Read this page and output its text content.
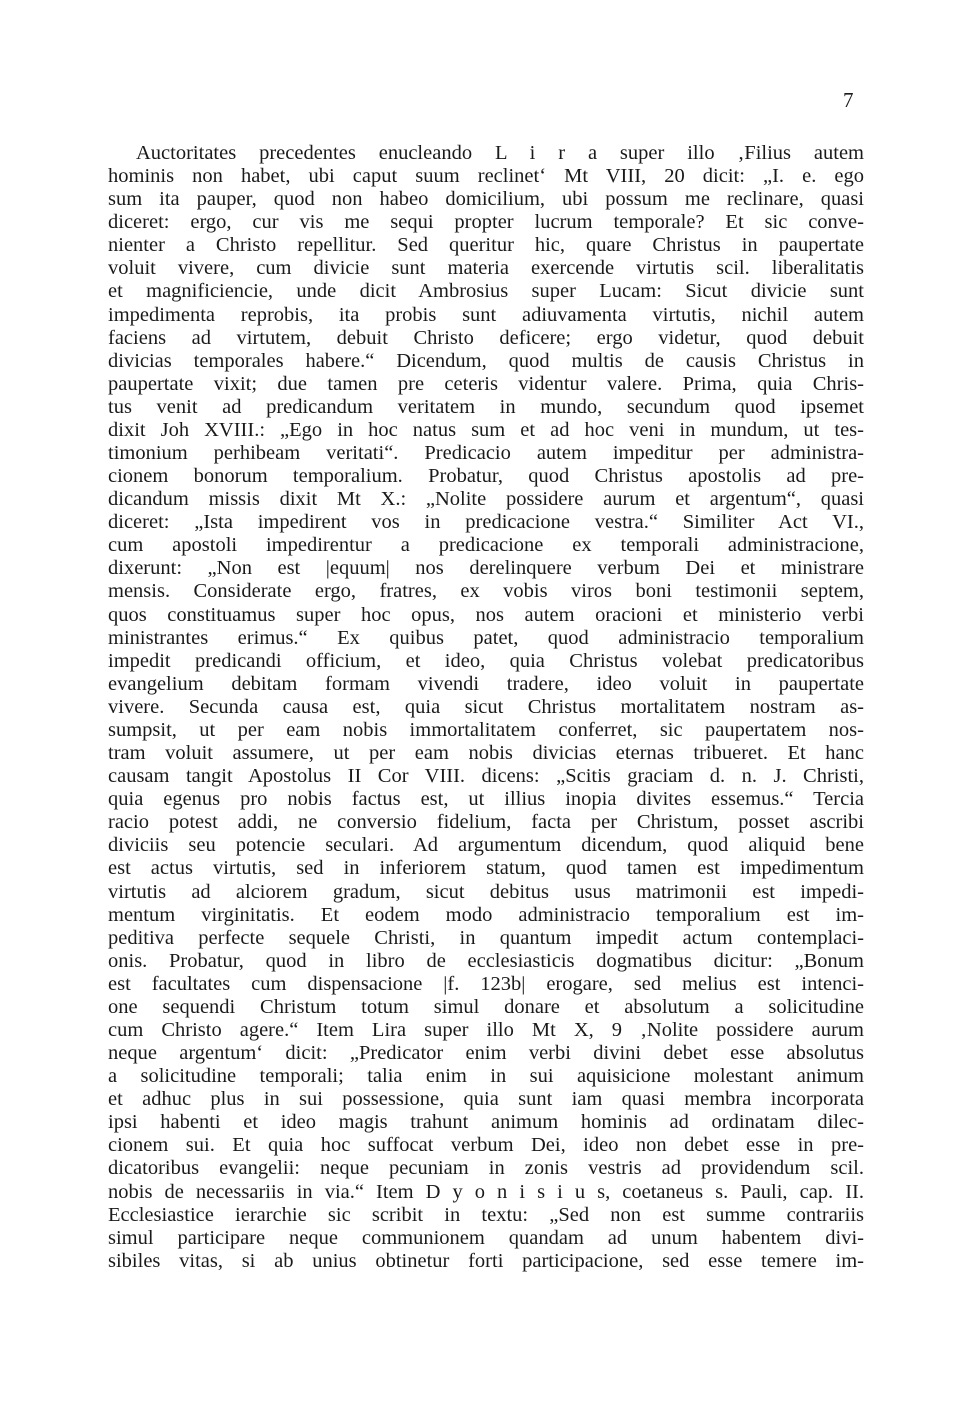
7
Auctoritates precedentes enucleando L i r a super illo ‚Filius autem
hominis non habet, ubi caput suum reclinet‘ Mt VIII, 20 dicit: „I. e. ego
sum ita pauper, quod non habeo domicilium, ubi possum me reclinare, quasi
diceret: ergo, cur vis me sequi propter lucrum temporale? Et sic conve-
nienter a Christo repellitur. Sed queritur hic, quare Christus in paupertate
voluit vivere, cum divicie sunt materia exercende virtutis scil. liberalitatis
et magnificiencie, unde dicit Ambrosius super Lucam: Sicut divicie sunt
impedimenta reprobis, ita probis sunt adiuvamenta virtutis, nichil autem
faciens ad virtutem, debuit Christo deficere; ergo videtur, quod debuit
divicias temporales habere.“ Dicendum, quod multis de causis Christus in
paupertate vixit; due tamen pre ceteris videntur valere. Prima, quia Chris-
tus venit ad predicandum veritatem in mundo, secundum quod ipsemet
dixit Joh XVIII.: „Ego in hoc natus sum et ad hoc veni in mundum, ut tes-
timonium perhibeam veritati“. Predicacio autem impeditur per administra-
cionem bonorum temporalium. Probatur, quod Christus apostolis ad pre-
dicandum missis dixit Mt X.: „Nolite possidere aurum et argentum“, quasi
diceret: „Ista impedirent vos in predicacione vestra.“ Similiter Act VI.,
cum apostoli impedirentur a predicacione ex temporali administracione,
dixerunt: „Non est |equum| nos derelinquere verbum Dei et ministrare
mensis. Considerate ergo, fratres, ex vobis viros boni testimonii septem,
quos constituamus super hoc opus, nos autem oracioni et ministerio verbi
ministrantes erimus.“ Ex quibus patet, quod administracio temporalium
impedit predicandi officium, et ideo, quia Christus volebat predicatoribus
evangelium debitam formam vivendi tradere, ideo voluit in paupertate
vivere. Secunda causa est, quia sicut Christus mortalitatem nostram as-
sumpsit, ut per eam nobis immortalitatem conferret, sic paupertatem nos-
tram voluit assumere, ut per eam nobis divicias eternas tribueret. Et hanc
causam tangit Apostolus II Cor VIII. dicens: „Scitis graciam d. n. J. Christi,
quia egenus pro nobis factus est, ut illius inopia divites essemus.“ Tercia
racio potest addi, ne conversio fidelium, facta per Christum, posset ascribi
diviciis seu potencie seculari. Ad argumentum dicendum, quod aliquid bene
est actus virtutis, sed in inferiorem statum, quod tamen est impedimentum
virtutis ad alciorem gradum, sicut debitus usus matrimonii est impedi-
mentum virginitatis. Et eodem modo administracio temporalium est im-
peditiva perfecte sequele Christi, in quantum impedit actum contemplaci-
onis. Probatur, quod in libro de ecclesiasticis dogmatibus dicitur: „Bonum
est facultates cum dispensacione |f. 123b| erogare, sed melius est intenci-
one sequendi Christum totum simul donare et absolutum a solicitudine
cum Christo agere.“ Item Lira super illo Mt X, 9 ‚Nolite possidere aurum
neque argentum‘ dicit: „Predicator enim verbi divini debet esse absolutus
a solicitudine temporali; talia enim in sui aquisicione molestant animum
et adhuc plus in sui possessione, quia sunt iam quasi membra incorporata
ipsi habenti et ideo magis trahunt animum hominis ad ordinatam dilec-
cionem sui. Et quia hoc suffocat verbum Dei, ideo non debet esse in pre-
dicatoribus evangelii: neque pecuniam in zonis vestris ad providendum scil.
nobis de necessariis in via.“ Item D y o n i s i u s, coetaneus s. Pauli, cap. II.
Ecclesiastice ierarchie sic scribit in textu: „Sed non est summe contrariis
simul participare neque communionem quandam ad unum habentem divi-
sibiles vitas, si ab unius obtinetur forti participacione, sed esse temere im-
